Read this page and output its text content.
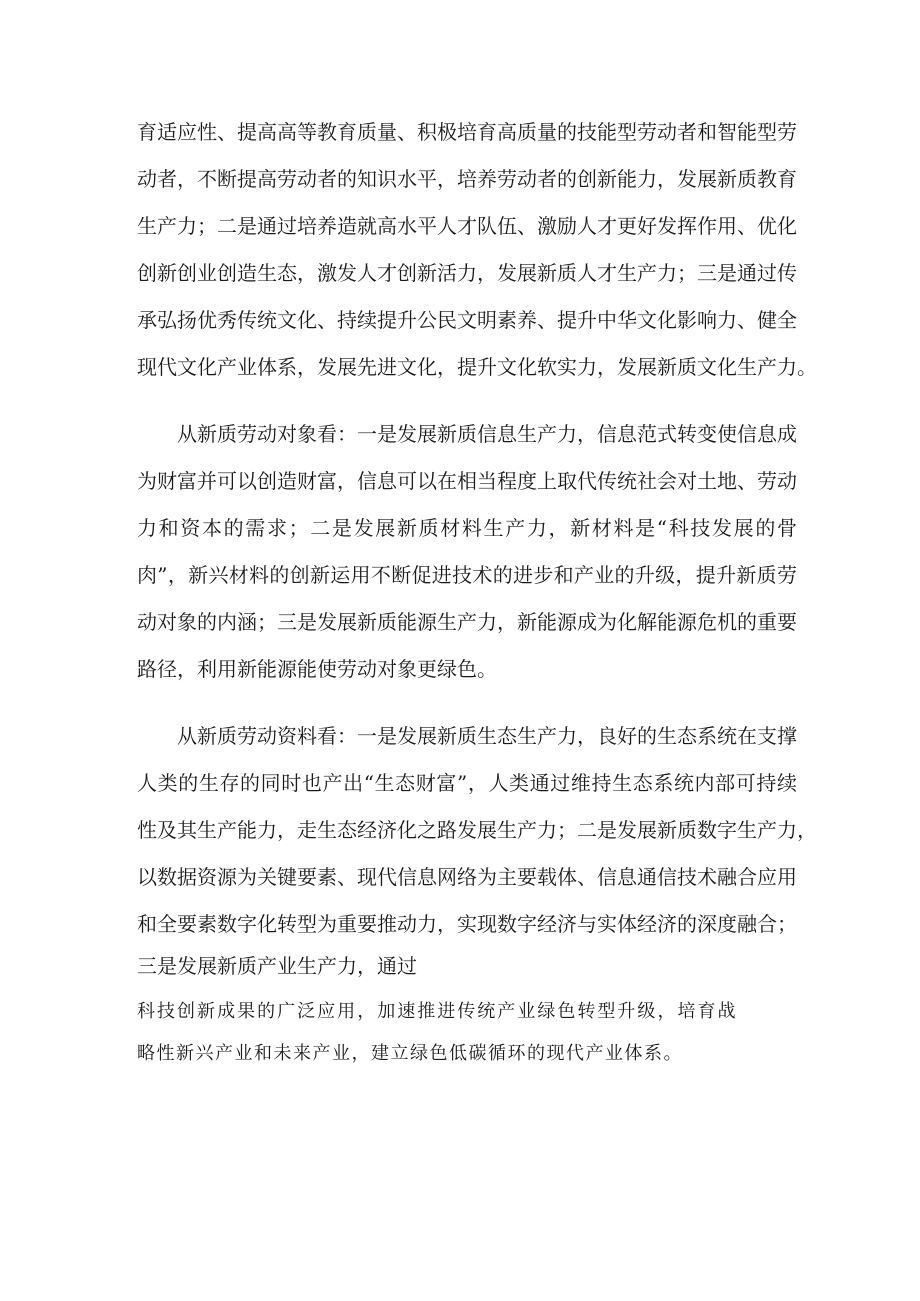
育适应性、提高高等教育质量、积极培育高质量的技能型劳动者和智能型劳
动者，不断提高劳动者的知识水平，培养劳动者的创新能力，发展新质教育
生产力；二是通过培养造就高水平人才队伍、激励人才更好发挥作用、优化
创新创业创造生态，激发人才创新活力，发展新质人才生产力；三是通过传
承弘扬优秀传统文化、持续提升公民文明素养、提升中华文化影响力、健全
现代文化产业体系，发展先进文化，提升文化软实力，发展新质文化生产力。
从新质劳动对象看：一是发展新质信息生产力，信息范式转变使信息成
为财富并可以创造财富，信息可以在相当程度上取代传统社会对土地、劳动
力和资本的需求；二是发展新质材料生产力，新材料是“科技发展的骨
肉”，新兴材料的创新运用不断促进技术的进步和产业的升级，提升新质劳
动对象的内涵；三是发展新质能源生产力，新能源成为化解能源危机的重要
路径，利用新能源能使劳动对象更绿色。
从新质劳动资料看：一是发展新质生态生产力，良好的生态系统在支撑
人类的生存的同时也产出“生态财富”，人类通过维持生态系统内部可持续
性及其生产能力，走生态经济化之路发展生产力；二是发展新质数字生产力，
以数据资源为关键要素、现代信息网络为主要载体、信息通信技术融合应用
和全要素数字化转型为重要推动力，实现数字经济与实体经济的深度融合；
三是发展新质产业生产力，通过
科技创新成果的广泛应用，加速推进传统产业绿色转型升级，培育战
略性新兴产业和未来产业，建立绿色低碳循环的现代产业体系。
